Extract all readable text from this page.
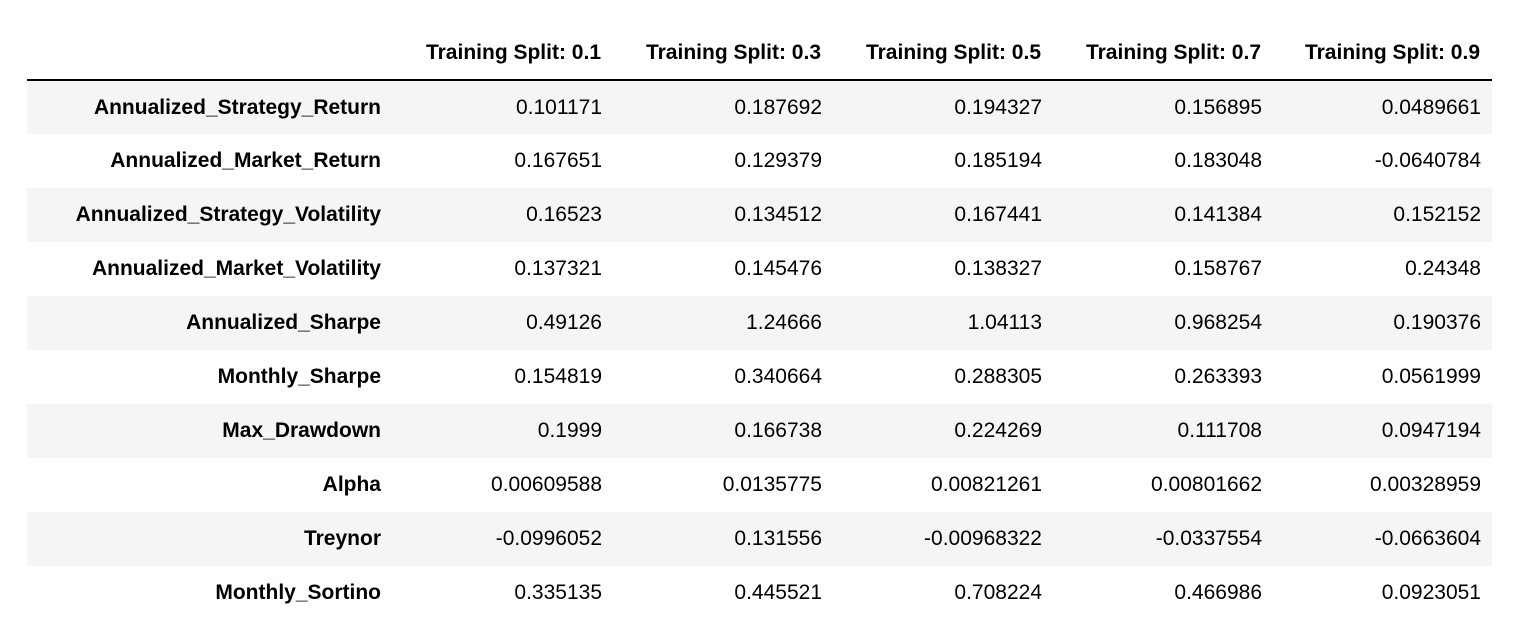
	Training Split: 0.1	Training Split: 0.3	Training Split: 0.5	Training Split: 0.7	Training Split: 0.9
Annualized_Strategy_Return	0.101171	0.187692	0.194327	0.156895	0.0489661
Annualized_Market_Return	0.167651	0.129379	0.185194	0.183048	-0.0640784
Annualized_Strategy_Volatility	0.16523	0.134512	0.167441	0.141384	0.152152
Annualized_Market_Volatility	0.137321	0.145476	0.138327	0.158767	0.24348
Annualized_Sharpe	0.49126	1.24666	1.04113	0.968254	0.190376
Monthly_Sharpe	0.154819	0.340664	0.288305	0.263393	0.0561999
Max_Drawdown	0.1999	0.166738	0.224269	0.111708	0.0947194
Alpha	0.00609588	0.0135775	0.00821261	0.00801662	0.00328959
Treynor	-0.0996052	0.131556	-0.00968322	-0.0337554	-0.0663604
Monthly_Sortino	0.335135	0.445521	0.708224	0.466986	0.0923051
